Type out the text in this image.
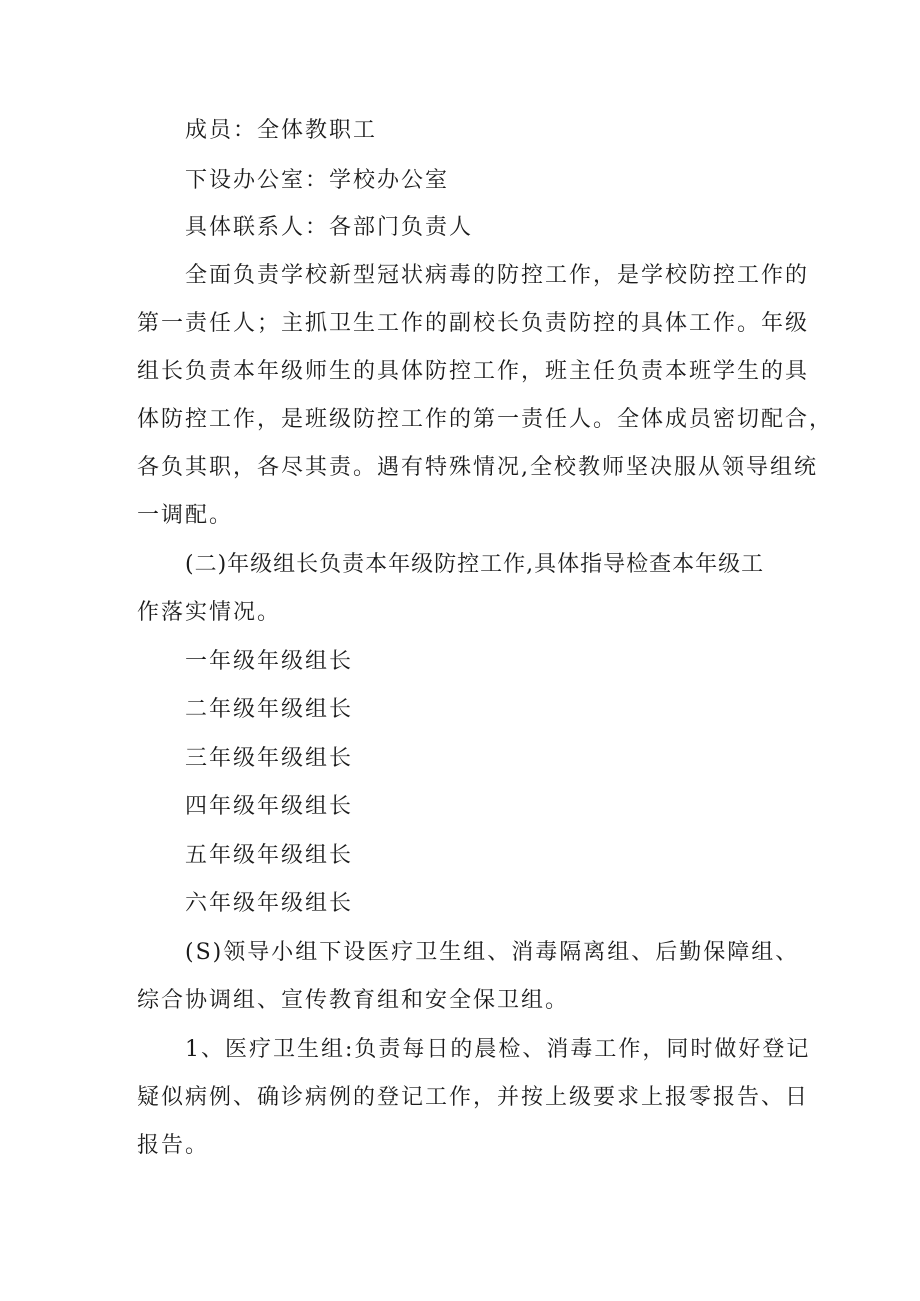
成员：全体教职工
下设办公室：学校办公室
具体联系人：各部门负责人
全面负责学校新型冠状病毒的防控工作，是学校防控工作的
第一责任人；主抓卫生工作的副校长负责防控的具体工作。年级
组长负责本年级师生的具体防控工作，班主任负责本班学生的具
体防控工作，是班级防控工作的第一责任人。全体成员密切配合，
各负其职，各尽其责。遇有特殊情况,全校教师坚决服从领导组统
一调配。
(二)年级组长负责本年级防控工作,具体指导检查本年级工
作落实情况。
一年级年级组长
二年级年级组长
三年级年级组长
四年级年级组长
五年级年级组长
六年级年级组长
(S)领导小组下设医疗卫生组、消毒隔离组、后勤保障组、
综合协调组、宣传教育组和安全保卫组。
1、医疗卫生组:负责每日的晨检、消毒工作，同时做好登记
疑似病例、确诊病例的登记工作，并按上级要求上报零报告、日
报告。
